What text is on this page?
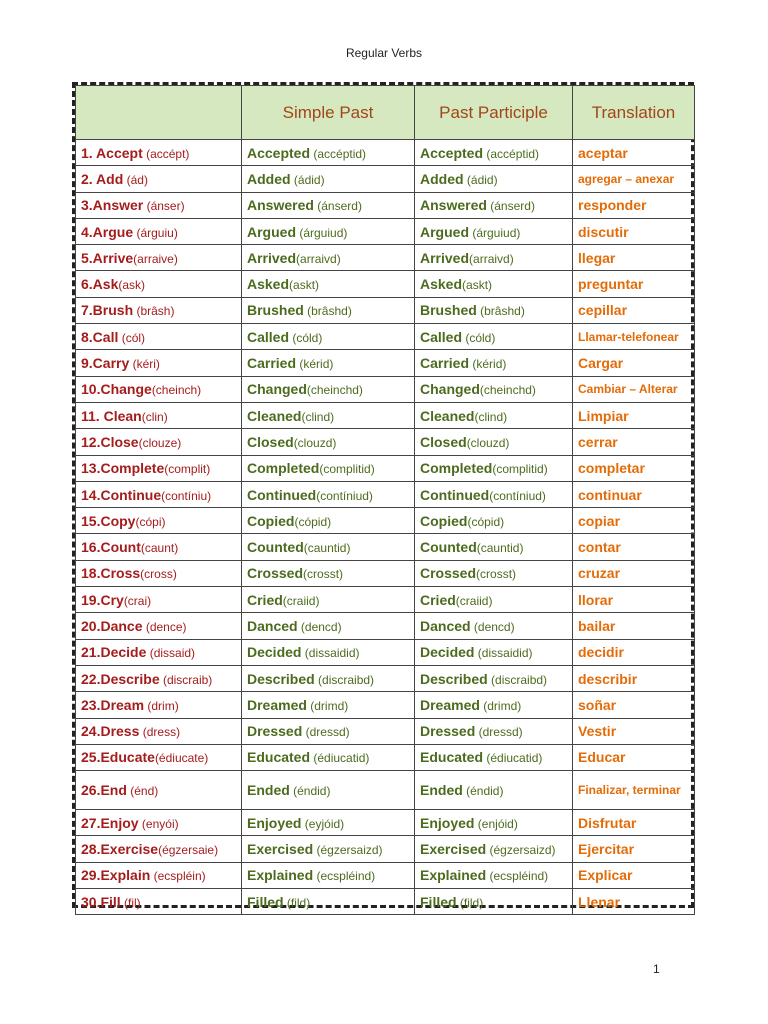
Regular Verbs
	Simple Past	Past Participle	Translation
1. Accept (accépt)	Accepted (accéptid)	Accepted (accéptid)	aceptar
2. Add (ád)	Added (ádid)	Added (ádid)	agregar – anexar
3.Answer (ánser)	Answered (ánserd)	Answered (ánserd)	responder
4.Argue (árguiu)	Argued (árguiud)	Argued (árguiud)	discutir
5.Arrive(arraive)	Arrived(arraivd)	Arrived(arraivd)	llegar
6.Ask(ask)	Asked(askt)	Asked(askt)	preguntar
7.Brush (brâsh)	Brushed (brâshd)	Brushed (brâshd)	cepillar
8.Call (cól)	Called (cóld)	Called (cóld)	Llamar-telefonear
9.Carry (kéri)	Carried (kérid)	Carried (kérid)	Cargar
10.Change(cheinch)	Changed(cheinchd)	Changed(cheinchd)	Cambiar – Alterar
11. Clean(clin)	Cleaned(clind)	Cleaned(clind)	Limpiar
12.Close(clouze)	Closed(clouzd)	Closed(clouzd)	cerrar
13.Complete(complit)	Completed(complitid)	Completed(complitid)	completar
14.Continue(contíniu)	Continued(contíniud)	Continued(contíniud)	continuar
15.Copy(cópi)	Copied(cópid)	Copied(cópid)	copiar
16.Count(caunt)	Counted(cauntid)	Counted(cauntid)	contar
18.Cross(cross)	Crossed(crosst)	Crossed(crosst)	cruzar
19.Cry(crai)	Cried(craiid)	Cried(craiid)	llorar
20.Dance (dence)	Danced (dencd)	Danced (dencd)	bailar
21.Decide (dissaid)	Decided (dissaidid)	Decided (dissaidid)	decidir
22.Describe (discraib)	Described (discraibd)	Described (discraibd)	describir
23.Dream (drim)	Dreamed (drimd)	Dreamed (drimd)	soñar
24.Dress (dress)	Dressed (dressd)	Dressed (dressd)	Vestir
25.Educate(édiucate)	Educated (édiucatid)	Educated (édiucatid)	Educar
26.End (énd)	Ended (éndid)	Ended (éndid)	Finalizar, terminar
27.Enjoy (enyói)	Enjoyed (eyjóid)	Enjoyed (enjóid)	Disfrutar
28.Exercise(égzersaie)	Exercised (égzersaizd)	Exercised (égzersaizd)	Ejercitar
29.Explain (ecspléin)	Explained (ecspléind)	Explained (ecspléind)	Explicar
30.Fill (fil)	Filled (fild)	Filled (fild)	Llenar
1
